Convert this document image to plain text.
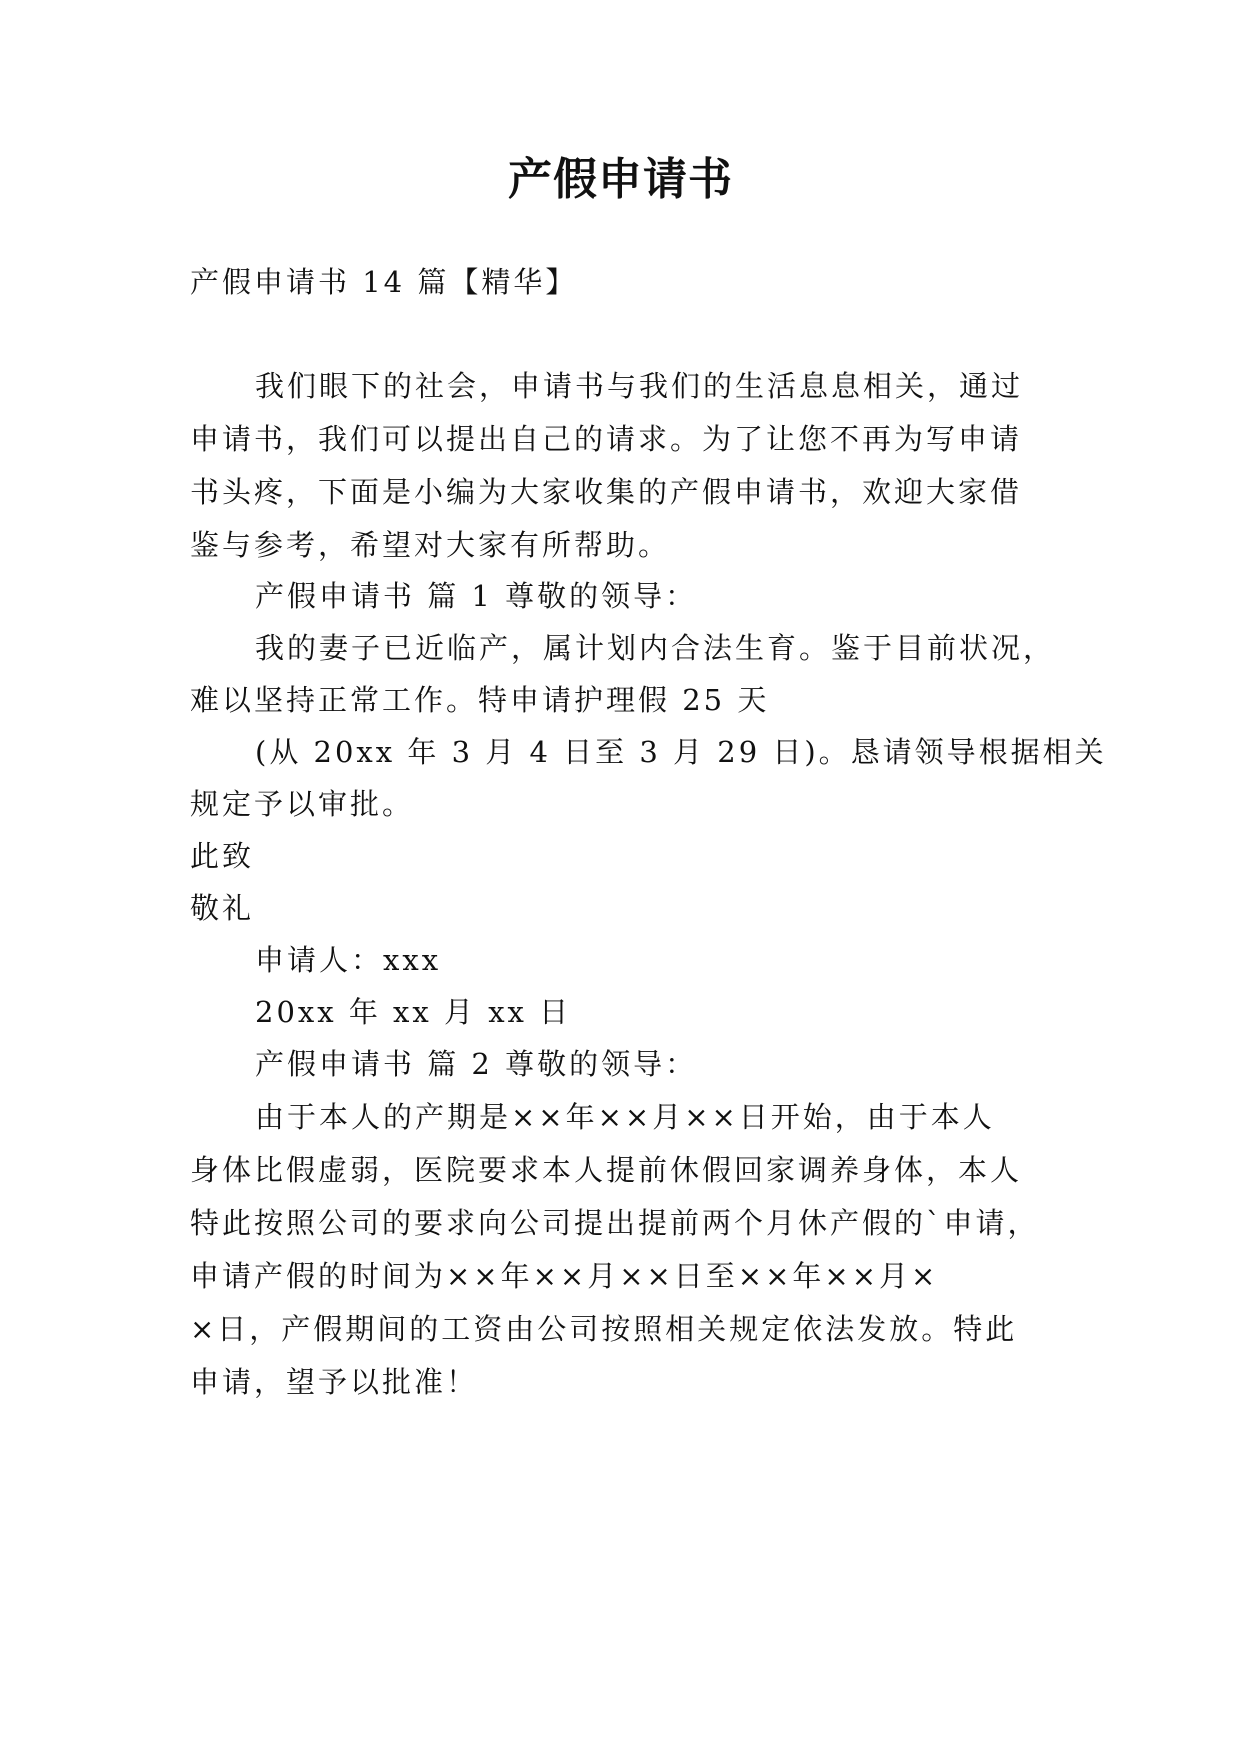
产假申请书
产假申请书 14 篇【精华】
我们眼下的社会，申请书与我们的生活息息相关，通过
申请书，我们可以提出自己的请求。为了让您不再为写申请
书头疼，下面是小编为大家收集的产假申请书，欢迎大家借
鉴与参考，希望对大家有所帮助。
产假申请书 篇 1 尊敬的领导：
我的妻子已近临产，属计划内合法生育。鉴于目前状况，
难以坚持正常工作。特申请护理假 25 天
(从 20xx 年 3 月 4 日至 3 月 29 日)。恳请领导根据相关
规定予以审批。
此致
敬礼
申请人：xxx
20xx 年 xx 月 xx 日
产假申请书 篇 2 尊敬的领导：
由于本人的产期是××年××月××日开始，由于本人
身体比假虚弱，医院要求本人提前休假回家调养身体，本人
特此按照公司的要求向公司提出提前两个月休产假的`申请，
申请产假的时间为××年××月××日至××年××月×
×日，产假期间的工资由公司按照相关规定依法发放。特此
申请，望予以批准！
